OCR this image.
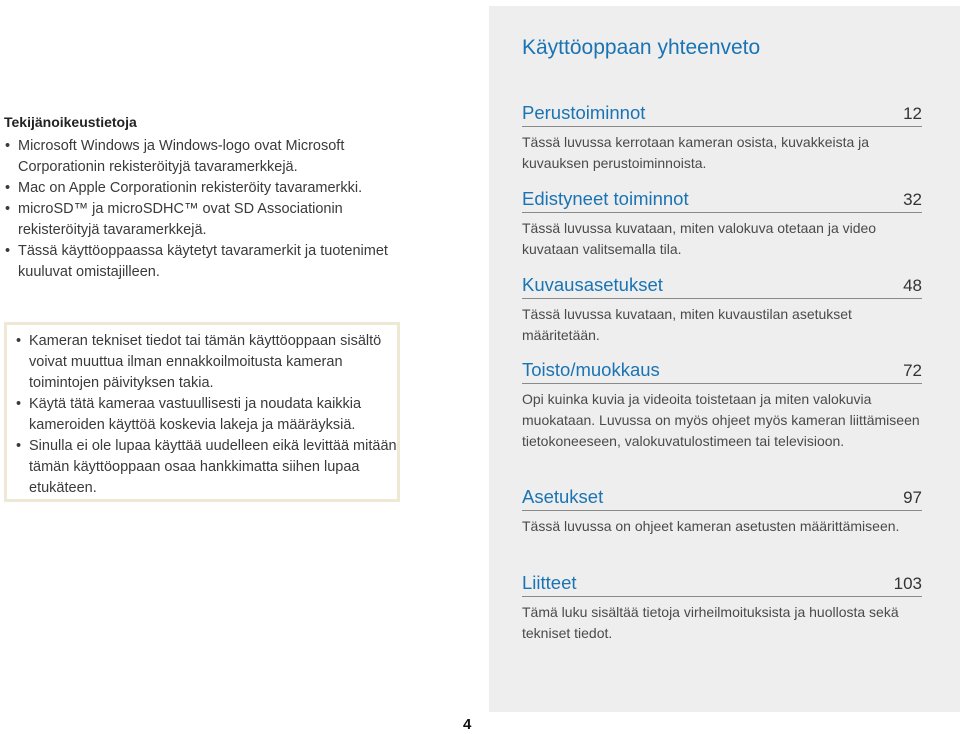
Tekijänoikeustietoja
• Microsoft Windows ja Windows-logo ovat Microsoft Corporationin rekisteröityjä tavaramerkkejä.
• Mac on Apple Corporationin rekisteröity tavaramerkki.
• microSD™ ja microSDHC™ ovat SD Associationin rekisteröityjä tavaramerkkejä.
• Tässä käyttöoppaassa käytetyt tavaramerkit ja tuotenimet kuuluvat omistajilleen.
• Kameran tekniset tiedot tai tämän käyttöoppaan sisältö voivat muuttua ilman ennakkoilmoitusta kameran toimintojen päivityksen takia.
• Käytä tätä kameraa vastuullisesti ja noudata kaikkia kameroiden käyttöä koskevia lakeja ja määräyksiä.
• Sinulla ei ole lupaa käyttää uudelleen eikä levittää mitään tämän käyttöoppaan osaa hankkimatta siihen lupaa etukäteen.
Käyttöoppaan yhteenveto
Perustoiminnot	12
Tässä luvussa kerrotaan kameran osista, kuvakkeista ja kuvauksen perustoiminnoista.
Edistyneet toiminnot	32
Tässä luvussa kuvataan, miten valokuva otetaan ja video kuvataan valitsemalla tila.
Kuvausasetukset	48
Tässä luvussa kuvataan, miten kuvaustilan asetukset määritetään.
Toisto/muokkaus	72
Opi kuinka kuvia ja videoita toistetaan ja miten valokuvia muokataan. Luvussa on myös ohjeet myös kameran liittämiseen tietokoneeseen, valokuvatulostimeen tai televisioon.
Asetukset	97
Tässä luvussa on ohjeet kameran asetusten määrittämiseen.
Liitteet	103
Tämä luku sisältää tietoja virheilmoituksista ja huollosta sekä tekniset tiedot.
4
